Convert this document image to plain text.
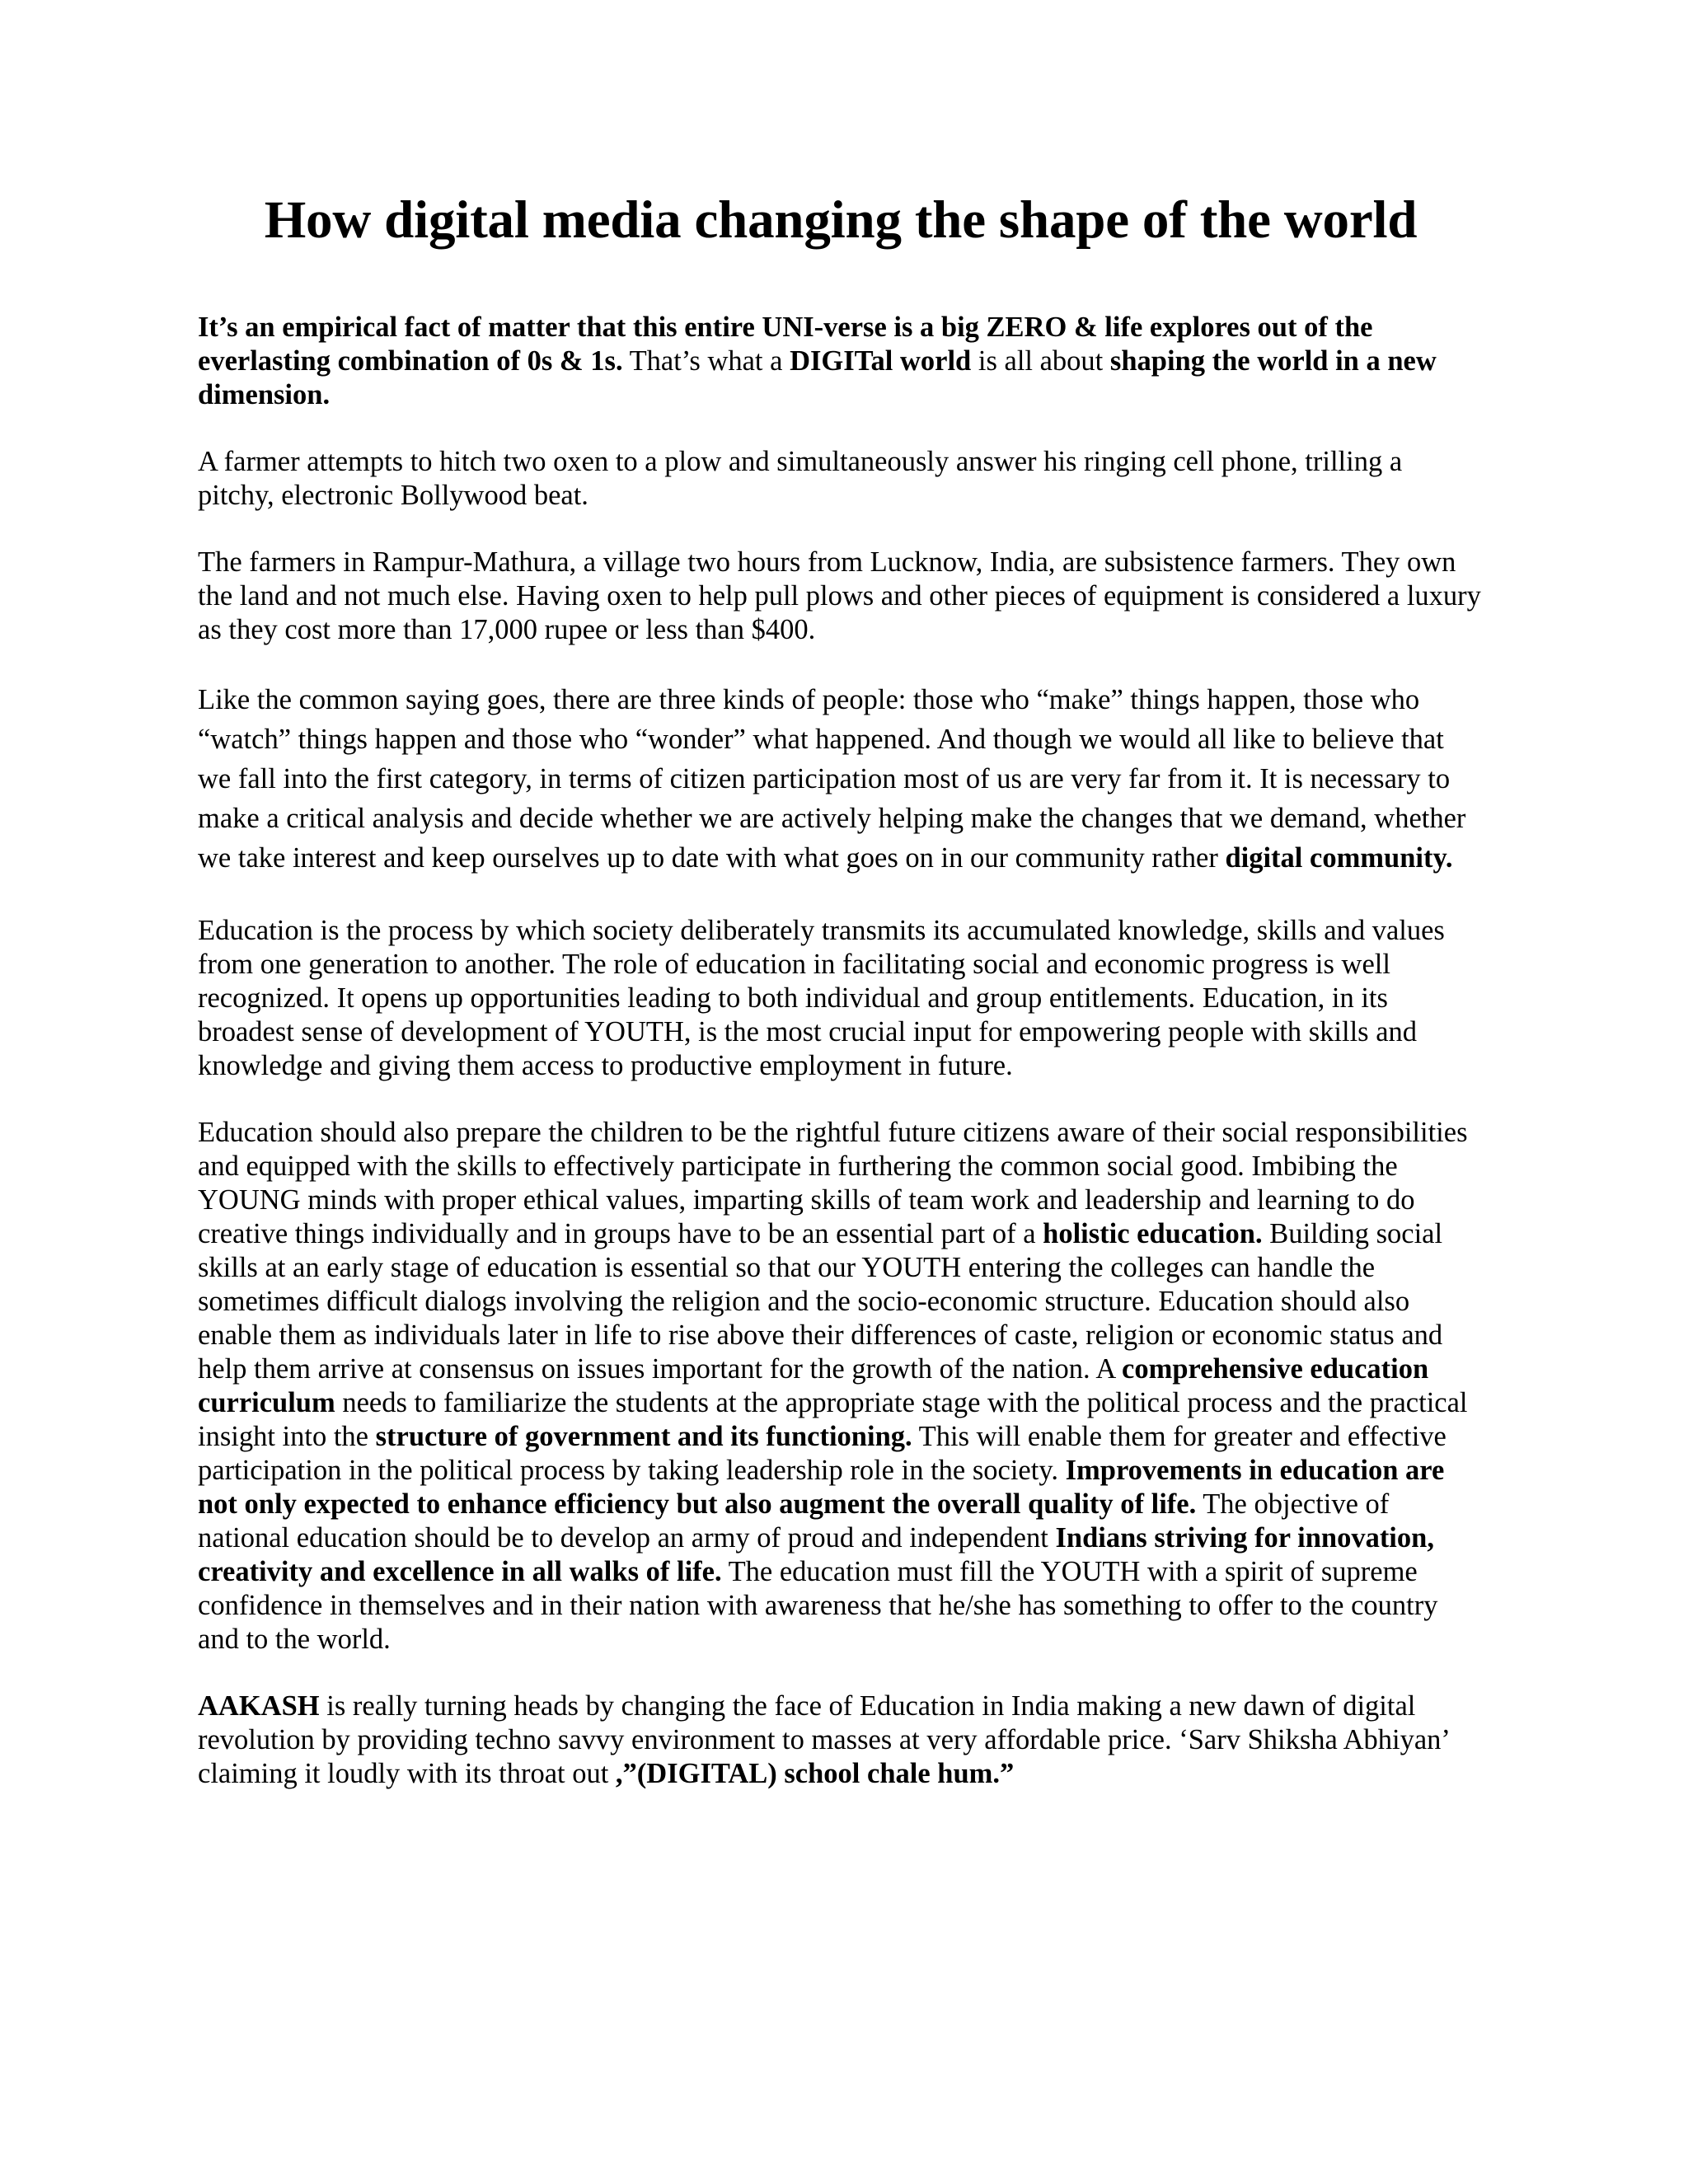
How digital media changing the shape of the world

It’s an empirical fact of matter that this entire UNI-verse is a big ZERO & life explores out of the everlasting combination of 0s & 1s. That’s what a DIGITal world is all about shaping the world in a new dimension.

A farmer attempts to hitch two oxen to a plow and simultaneously answer his ringing cell phone, trilling a pitchy, electronic Bollywood beat.

The farmers in Rampur-Mathura, a village two hours from Lucknow, India, are subsistence farmers. They own the land and not much else. Having oxen to help pull plows and other pieces of equipment is considered a luxury as they cost more than 17,000 rupee or less than $400.

Like the common saying goes, there are three kinds of people: those who “make” things happen, those who “watch” things happen and those who “wonder” what happened. And though we would all like to believe that we fall into the first category, in terms of citizen participation most of us are very far from it. It is necessary to make a critical analysis and decide whether we are actively helping make the changes that we demand, whether we take interest and keep ourselves up to date with what goes on in our community rather digital community.

Education is the process by which society deliberately transmits its accumulated knowledge, skills and values from one generation to another. The role of education in facilitating social and economic progress is well recognized. It opens up opportunities leading to both individual and group entitlements. Education, in its broadest sense of development of YOUTH, is the most crucial input for empowering people with skills and knowledge and giving them access to productive employment in future.

Education should also prepare the children to be the rightful future citizens aware of their social responsibilities and equipped with the skills to effectively participate in furthering the common social good. Imbibing the YOUNG minds with proper ethical values, imparting skills of team work and leadership and learning to do creative things individually and in groups have to be an essential part of a holistic education. Building social skills at an early stage of education is essential so that our YOUTH entering the colleges can handle the sometimes difficult dialogs involving the religion and the socio-economic structure. Education should also enable them as individuals later in life to rise above their differences of caste, religion or economic status and help them arrive at consensus on issues important for the growth of the nation. A comprehensive education curriculum needs to familiarize the students at the appropriate stage with the political process and the practical insight into the structure of government and its functioning. This will enable them for greater and effective participation in the political process by taking leadership role in the society. Improvements in education are not only expected to enhance efficiency but also augment the overall quality of life. The objective of national education should be to develop an army of proud and independent Indians striving for innovation, creativity and excellence in all walks of life. The education must fill the YOUTH with a spirit of supreme confidence in themselves and in their nation with awareness that he/she has something to offer to the country and to the world.

AAKASH is really turning heads by changing the face of Education in India making a new dawn of digital revolution by providing techno savvy environment to masses at very affordable price. ‘Sarv Shiksha Abhiyan’ claiming it loudly with its throat out ,”(DIGITAL) school chale hum.”
